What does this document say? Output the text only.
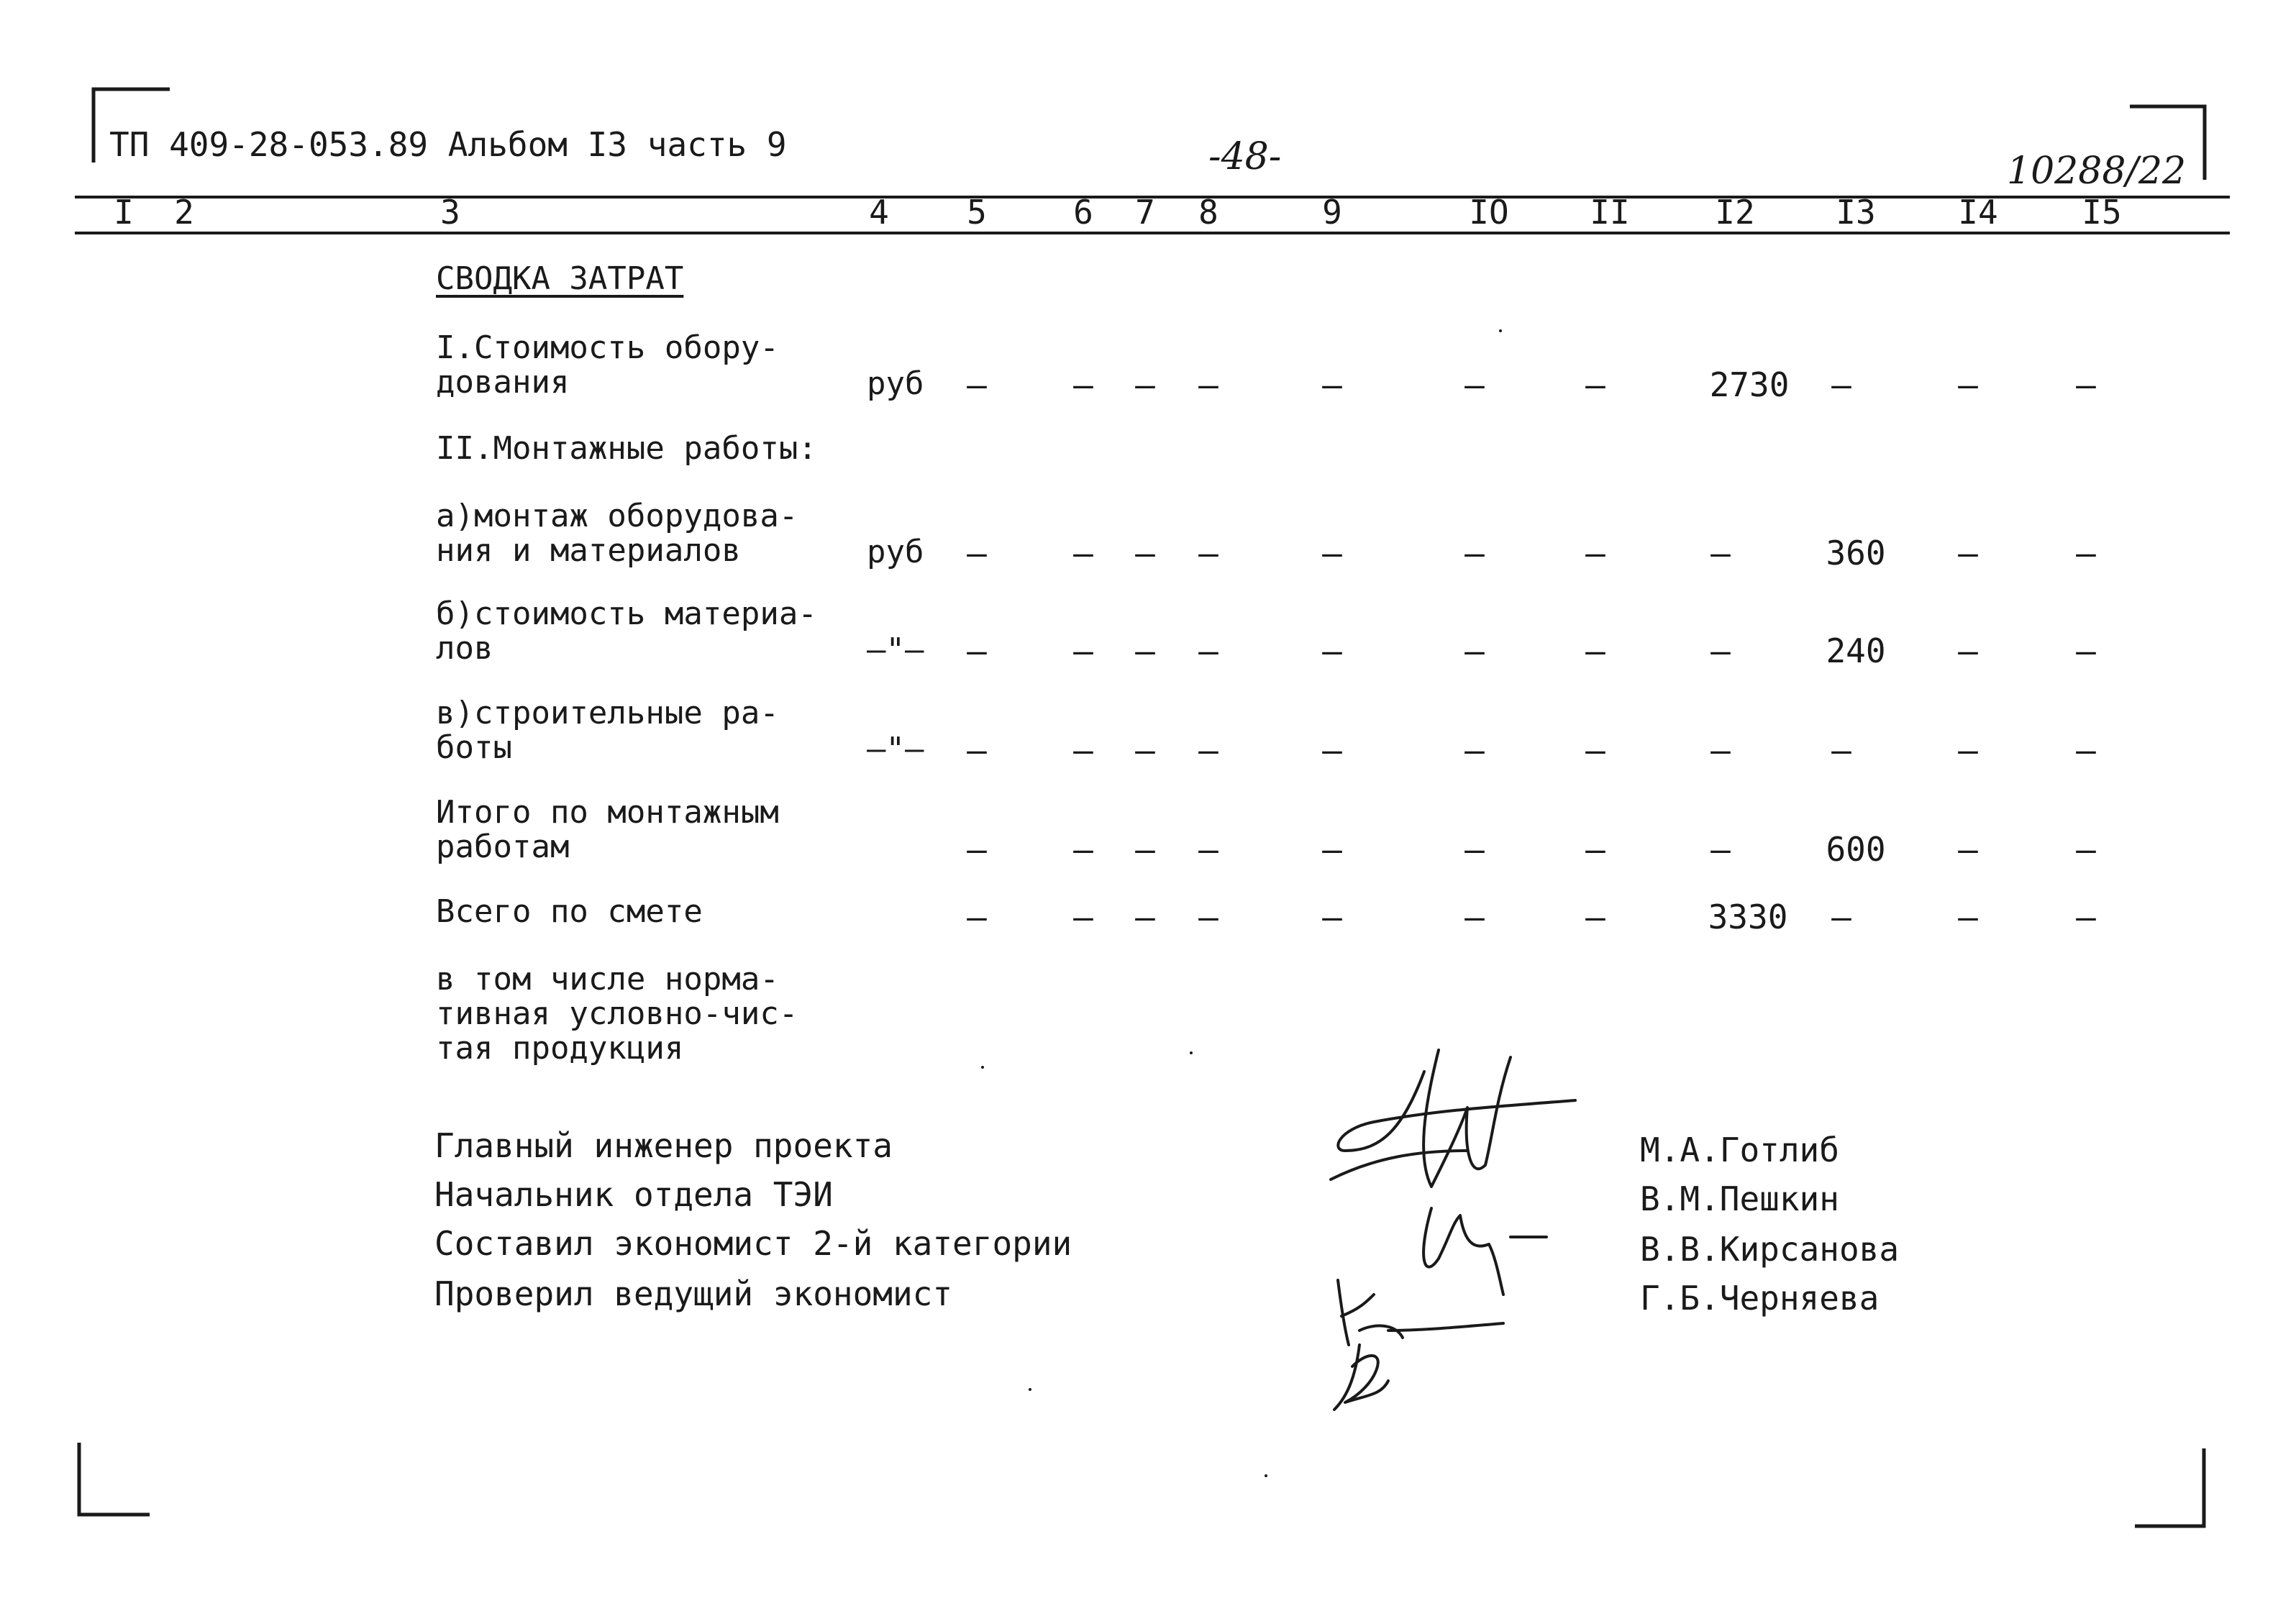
ТП 409-28-053.89 Альбом I3 часть 9	-48-	10288/22
I 2	3	4 5	6 7 8	9	IO II	I2 I3 I4	I5
СВОДКА ЗАТРАТ
I.Стоимость обору-
дования	руб –	– – –	–	–	–	2730 –	–	–
II.Монтажные работы:
а)монтаж оборудова-
ния и материалов	руб –	– – –	–	–	–	–	360 –	–
б)стоимость материа-
лов	–"– –	– – –	–	–	–	–	240 –	–
в)строительные ра-
боты	–"– –	– – –	–	–	–	–	–	–	–
Итого по монтажным
работам	–	– – –	–	–	–	–	600 –	–
Всего по смете	–	– – –	–	–	–	3330 –	–	–
в том числе норма-
тивная условно-чис-
тая продукция
Главный инженер проекта
Начальник отдела ТЭИ
Составил экономист 2-й категории
Проверил ведущий экономист
М.А.Готлиб
В.М.Пешкин
В.В.Кирсанова
Г.Б.Черняева
